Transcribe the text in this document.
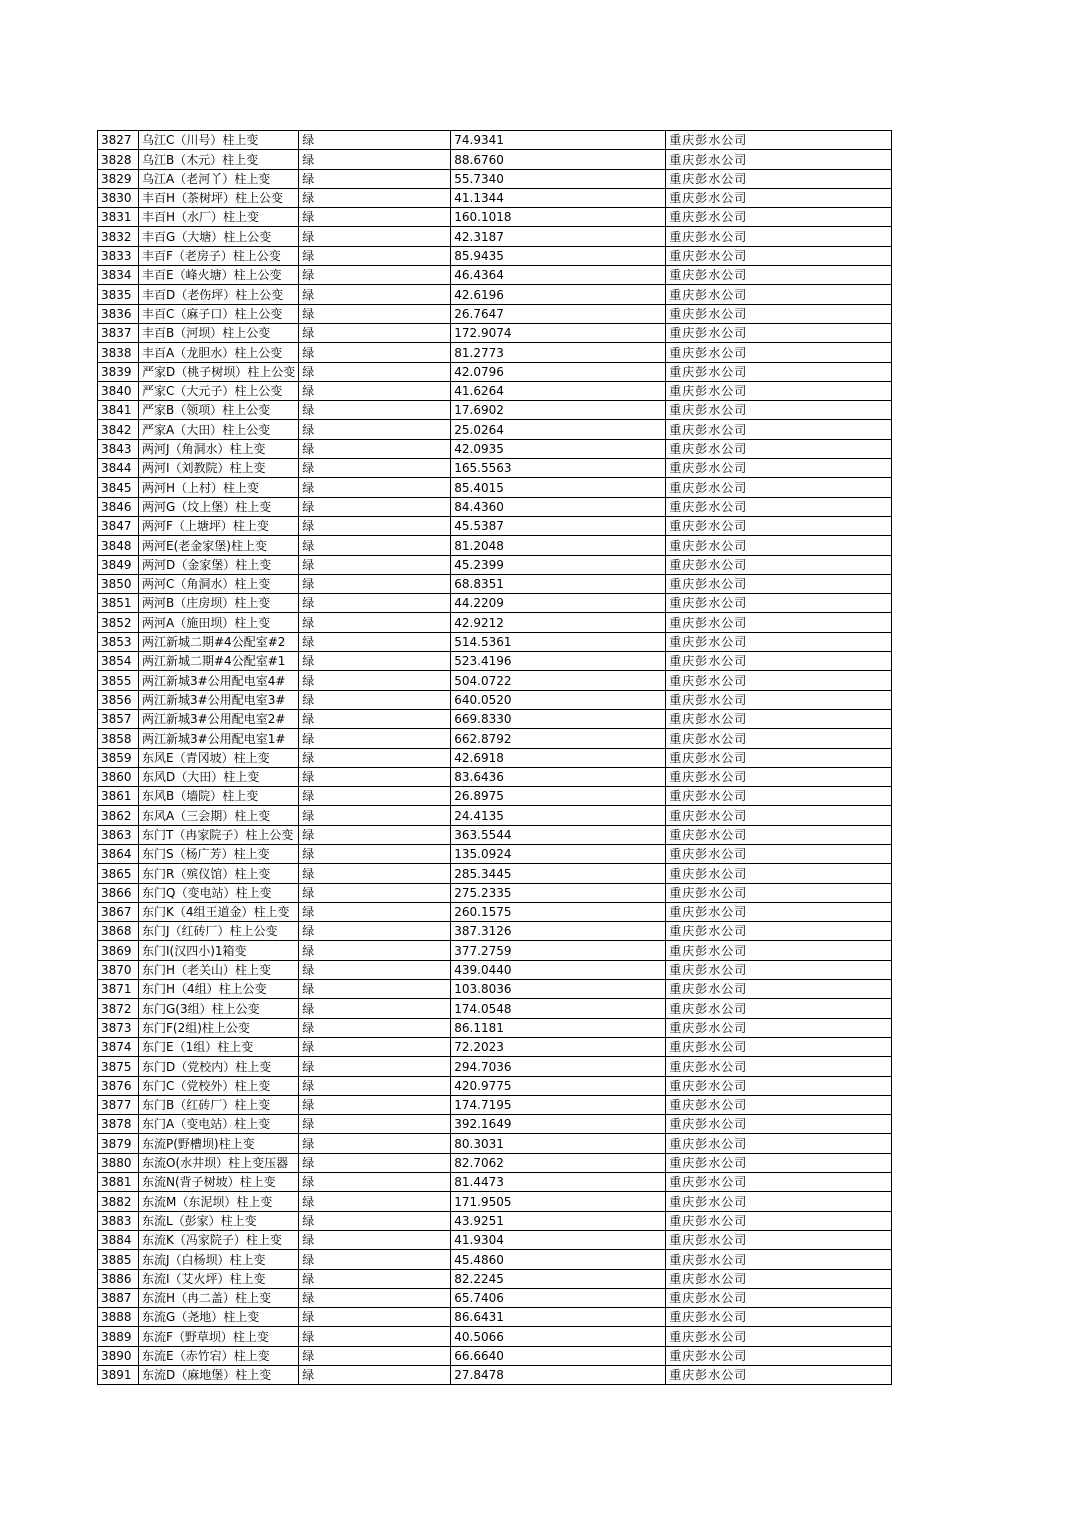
3827	乌江C（川号）柱上变	绿	74.9341	重庆彭水公司
3828	乌江B（木元）柱上变	绿	88.6760	重庆彭水公司
3829	乌江A（老河丫）柱上变	绿	55.7340	重庆彭水公司
3830	丰百H（茶树坪）柱上公变	绿	41.1344	重庆彭水公司
3831	丰百H（水厂）柱上变	绿	160.1018	重庆彭水公司
3832	丰百G（大塘）柱上公变	绿	42.3187	重庆彭水公司
3833	丰百F（老房子）柱上公变	绿	85.9435	重庆彭水公司
3834	丰百E（峰火塘）柱上公变	绿	46.4364	重庆彭水公司
3835	丰百D（老伤坪）柱上公变	绿	42.6196	重庆彭水公司
3836	丰百C（麻子口）柱上公变	绿	26.7647	重庆彭水公司
3837	丰百B（河坝）柱上公变	绿	172.9074	重庆彭水公司
3838	丰百A（龙胆水）柱上公变	绿	81.2773	重庆彭水公司
3839	严家D（桃子树坝）柱上公变	绿	42.0796	重庆彭水公司
3840	严家C（大元子）柱上公变	绿	41.6264	重庆彭水公司
3841	严家B（领项）柱上公变	绿	17.6902	重庆彭水公司
3842	严家A（大田）柱上公变	绿	25.0264	重庆彭水公司
3843	两河J（角洞水）柱上变	绿	42.0935	重庆彭水公司
3844	两河I（刘教院）柱上变	绿	165.5563	重庆彭水公司
3845	两河H（上村）柱上变	绿	85.4015	重庆彭水公司
3846	两河G（坟上堡）柱上变	绿	84.4360	重庆彭水公司
3847	两河F（上塘坪）柱上变	绿	45.5387	重庆彭水公司
3848	两河E(老金家堡)柱上变	绿	81.2048	重庆彭水公司
3849	两河D（金家堡）柱上变	绿	45.2399	重庆彭水公司
3850	两河C（角洞水）柱上变	绿	68.8351	重庆彭水公司
3851	两河B（庄房坝）柱上变	绿	44.2209	重庆彭水公司
3852	两河A（施田坝）柱上变	绿	42.9212	重庆彭水公司
3853	两江新城二期#4公配室#2	绿	514.5361	重庆彭水公司
3854	两江新城二期#4公配室#1	绿	523.4196	重庆彭水公司
3855	两江新城3#公用配电室4#	绿	504.0722	重庆彭水公司
3856	两江新城3#公用配电室3#	绿	640.0520	重庆彭水公司
3857	两江新城3#公用配电室2#	绿	669.8330	重庆彭水公司
3858	两江新城3#公用配电室1#	绿	662.8792	重庆彭水公司
3859	东风E（青冈坡）柱上变	绿	42.6918	重庆彭水公司
3860	东风D（大田）柱上变	绿	83.6436	重庆彭水公司
3861	东风B（墙院）柱上变	绿	26.8975	重庆彭水公司
3862	东风A（三会期）柱上变	绿	24.4135	重庆彭水公司
3863	东门T（冉家院子）柱上公变	绿	363.5544	重庆彭水公司
3864	东门S（杨广芳）柱上变	绿	135.0924	重庆彭水公司
3865	东门R（殡仪馆）柱上变	绿	285.3445	重庆彭水公司
3866	东门Q（变电站）柱上变	绿	275.2335	重庆彭水公司
3867	东门K（4组王道金）柱上变	绿	260.1575	重庆彭水公司
3868	东门J（红砖厂）柱上公变	绿	387.3126	重庆彭水公司
3869	东门I(汉四小)1箱变	绿	377.2759	重庆彭水公司
3870	东门H（老关山）柱上变	绿	439.0440	重庆彭水公司
3871	东门H（4组）柱上公变	绿	103.8036	重庆彭水公司
3872	东门G(3组）柱上公变	绿	174.0548	重庆彭水公司
3873	东门F(2组)柱上公变	绿	86.1181	重庆彭水公司
3874	东门E（1组）柱上变	绿	72.2023	重庆彭水公司
3875	东门D（党校内）柱上变	绿	294.7036	重庆彭水公司
3876	东门C（党校外）柱上变	绿	420.9775	重庆彭水公司
3877	东门B（红砖厂）柱上变	绿	174.7195	重庆彭水公司
3878	东门A（变电站）柱上变	绿	392.1649	重庆彭水公司
3879	东流P(野槽坝)柱上变	绿	80.3031	重庆彭水公司
3880	东流O(水井坝）柱上变压器	绿	82.7062	重庆彭水公司
3881	东流N(背子树坡）柱上变	绿	81.4473	重庆彭水公司
3882	东流M（东泥坝）柱上变	绿	171.9505	重庆彭水公司
3883	东流L（彭家）柱上变	绿	43.9251	重庆彭水公司
3884	东流K（冯家院子）柱上变	绿	41.9304	重庆彭水公司
3885	东流J（白杨坝）柱上变	绿	45.4860	重庆彭水公司
3886	东流I（艾火坪）柱上变	绿	82.2245	重庆彭水公司
3887	东流H（冉二盖）柱上变	绿	65.7406	重庆彭水公司
3888	东流G（尧地）柱上变	绿	86.6431	重庆彭水公司
3889	东流F（野草坝）柱上变	绿	40.5066	重庆彭水公司
3890	东流E（赤竹宕）柱上变	绿	66.6640	重庆彭水公司
3891	东流D（麻地堡）柱上变	绿	27.8478	重庆彭水公司
